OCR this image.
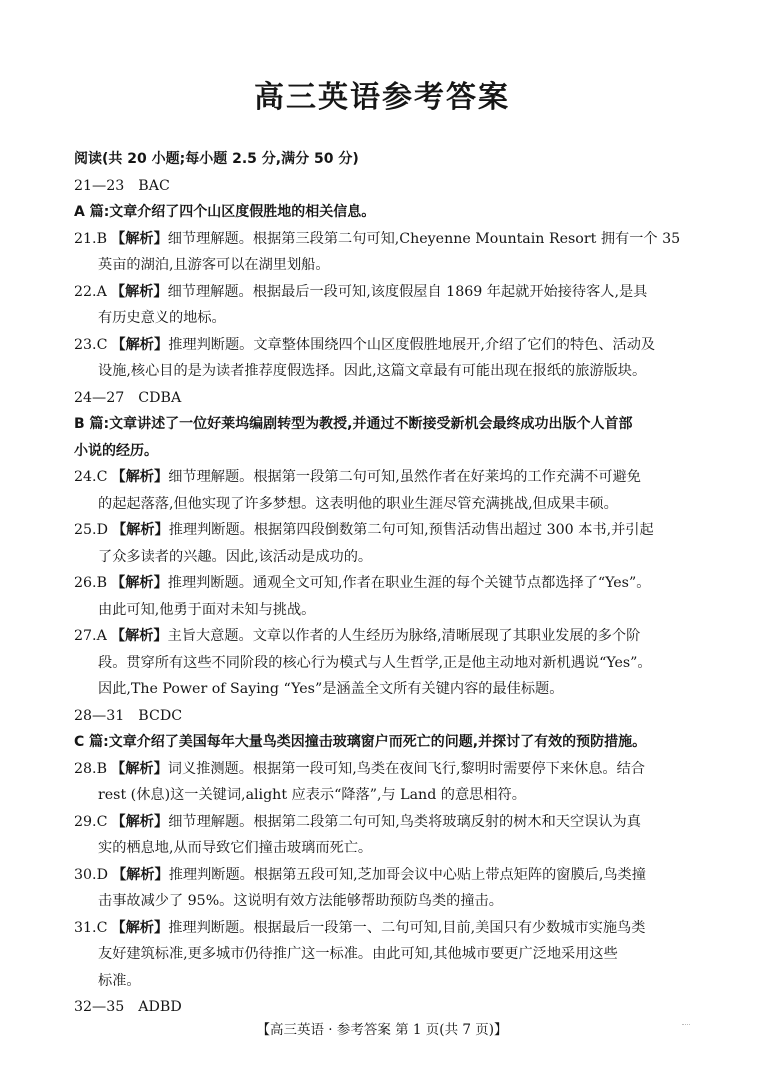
高三英语参考答案
阅读(共 20 小题;每小题 2.5 分,满分 50 分)
21—23 BAC
A 篇:文章介绍了四个山区度假胜地的相关信息。
21.B 【解析】细节理解题。根据第三段第二句可知,Cheyenne Mountain Resort 拥有一个 35
英亩的湖泊,且游客可以在湖里划船。
22.A 【解析】细节理解题。根据最后一段可知,该度假屋自 1869 年起就开始接待客人,是具
有历史意义的地标。
23.C 【解析】推理判断题。文章整体围绕四个山区度假胜地展开,介绍了它们的特色、活动及
设施,核心目的是为读者推荐度假选择。因此,这篇文章最有可能出现在报纸的旅游版块。
24—27 CDBA
B 篇:文章讲述了一位好莱坞编剧转型为教授,并通过不断接受新机会最终成功出版个人首部
小说的经历。
24.C 【解析】细节理解题。根据第一段第二句可知,虽然作者在好莱坞的工作充满不可避免
的起起落落,但他实现了许多梦想。这表明他的职业生涯尽管充满挑战,但成果丰硕。
25.D 【解析】推理判断题。根据第四段倒数第二句可知,预售活动售出超过 300 本书,并引起
了众多读者的兴趣。因此,该活动是成功的。
26.B 【解析】推理判断题。通观全文可知,作者在职业生涯的每个关键节点都选择了“Yes”。
由此可知,他勇于面对未知与挑战。
27.A 【解析】主旨大意题。文章以作者的人生经历为脉络,清晰展现了其职业发展的多个阶
段。贯穿所有这些不同阶段的核心行为模式与人生哲学,正是他主动地对新机遇说“Yes”。
因此,The Power of Saying “Yes”是涵盖全文所有关键内容的最佳标题。
28—31 BCDC
C 篇:文章介绍了美国每年大量鸟类因撞击玻璃窗户而死亡的问题,并探讨了有效的预防措施。
28.B 【解析】词义推测题。根据第一段可知,鸟类在夜间飞行,黎明时需要停下来休息。结合
rest (休息)这一关键词,alight 应表示“降落”,与 Land 的意思相符。
29.C 【解析】细节理解题。根据第二段第二句可知,鸟类将玻璃反射的树木和天空误认为真
实的栖息地,从而导致它们撞击玻璃而死亡。
30.D 【解析】推理判断题。根据第五段可知,芝加哥会议中心贴上带点矩阵的窗膜后,鸟类撞
击事故减少了 95%。这说明有效方法能够帮助预防鸟类的撞击。
31.C 【解析】推理判断题。根据最后一段第一、二句可知,目前,美国只有少数城市实施鸟类
友好建筑标准,更多城市仍待推广这一标准。由此可知,其他城市要更广泛地采用这些
标准。
32—35 ADBD
【高三英语 · 参考答案 第 1 页(共 7 页)】
